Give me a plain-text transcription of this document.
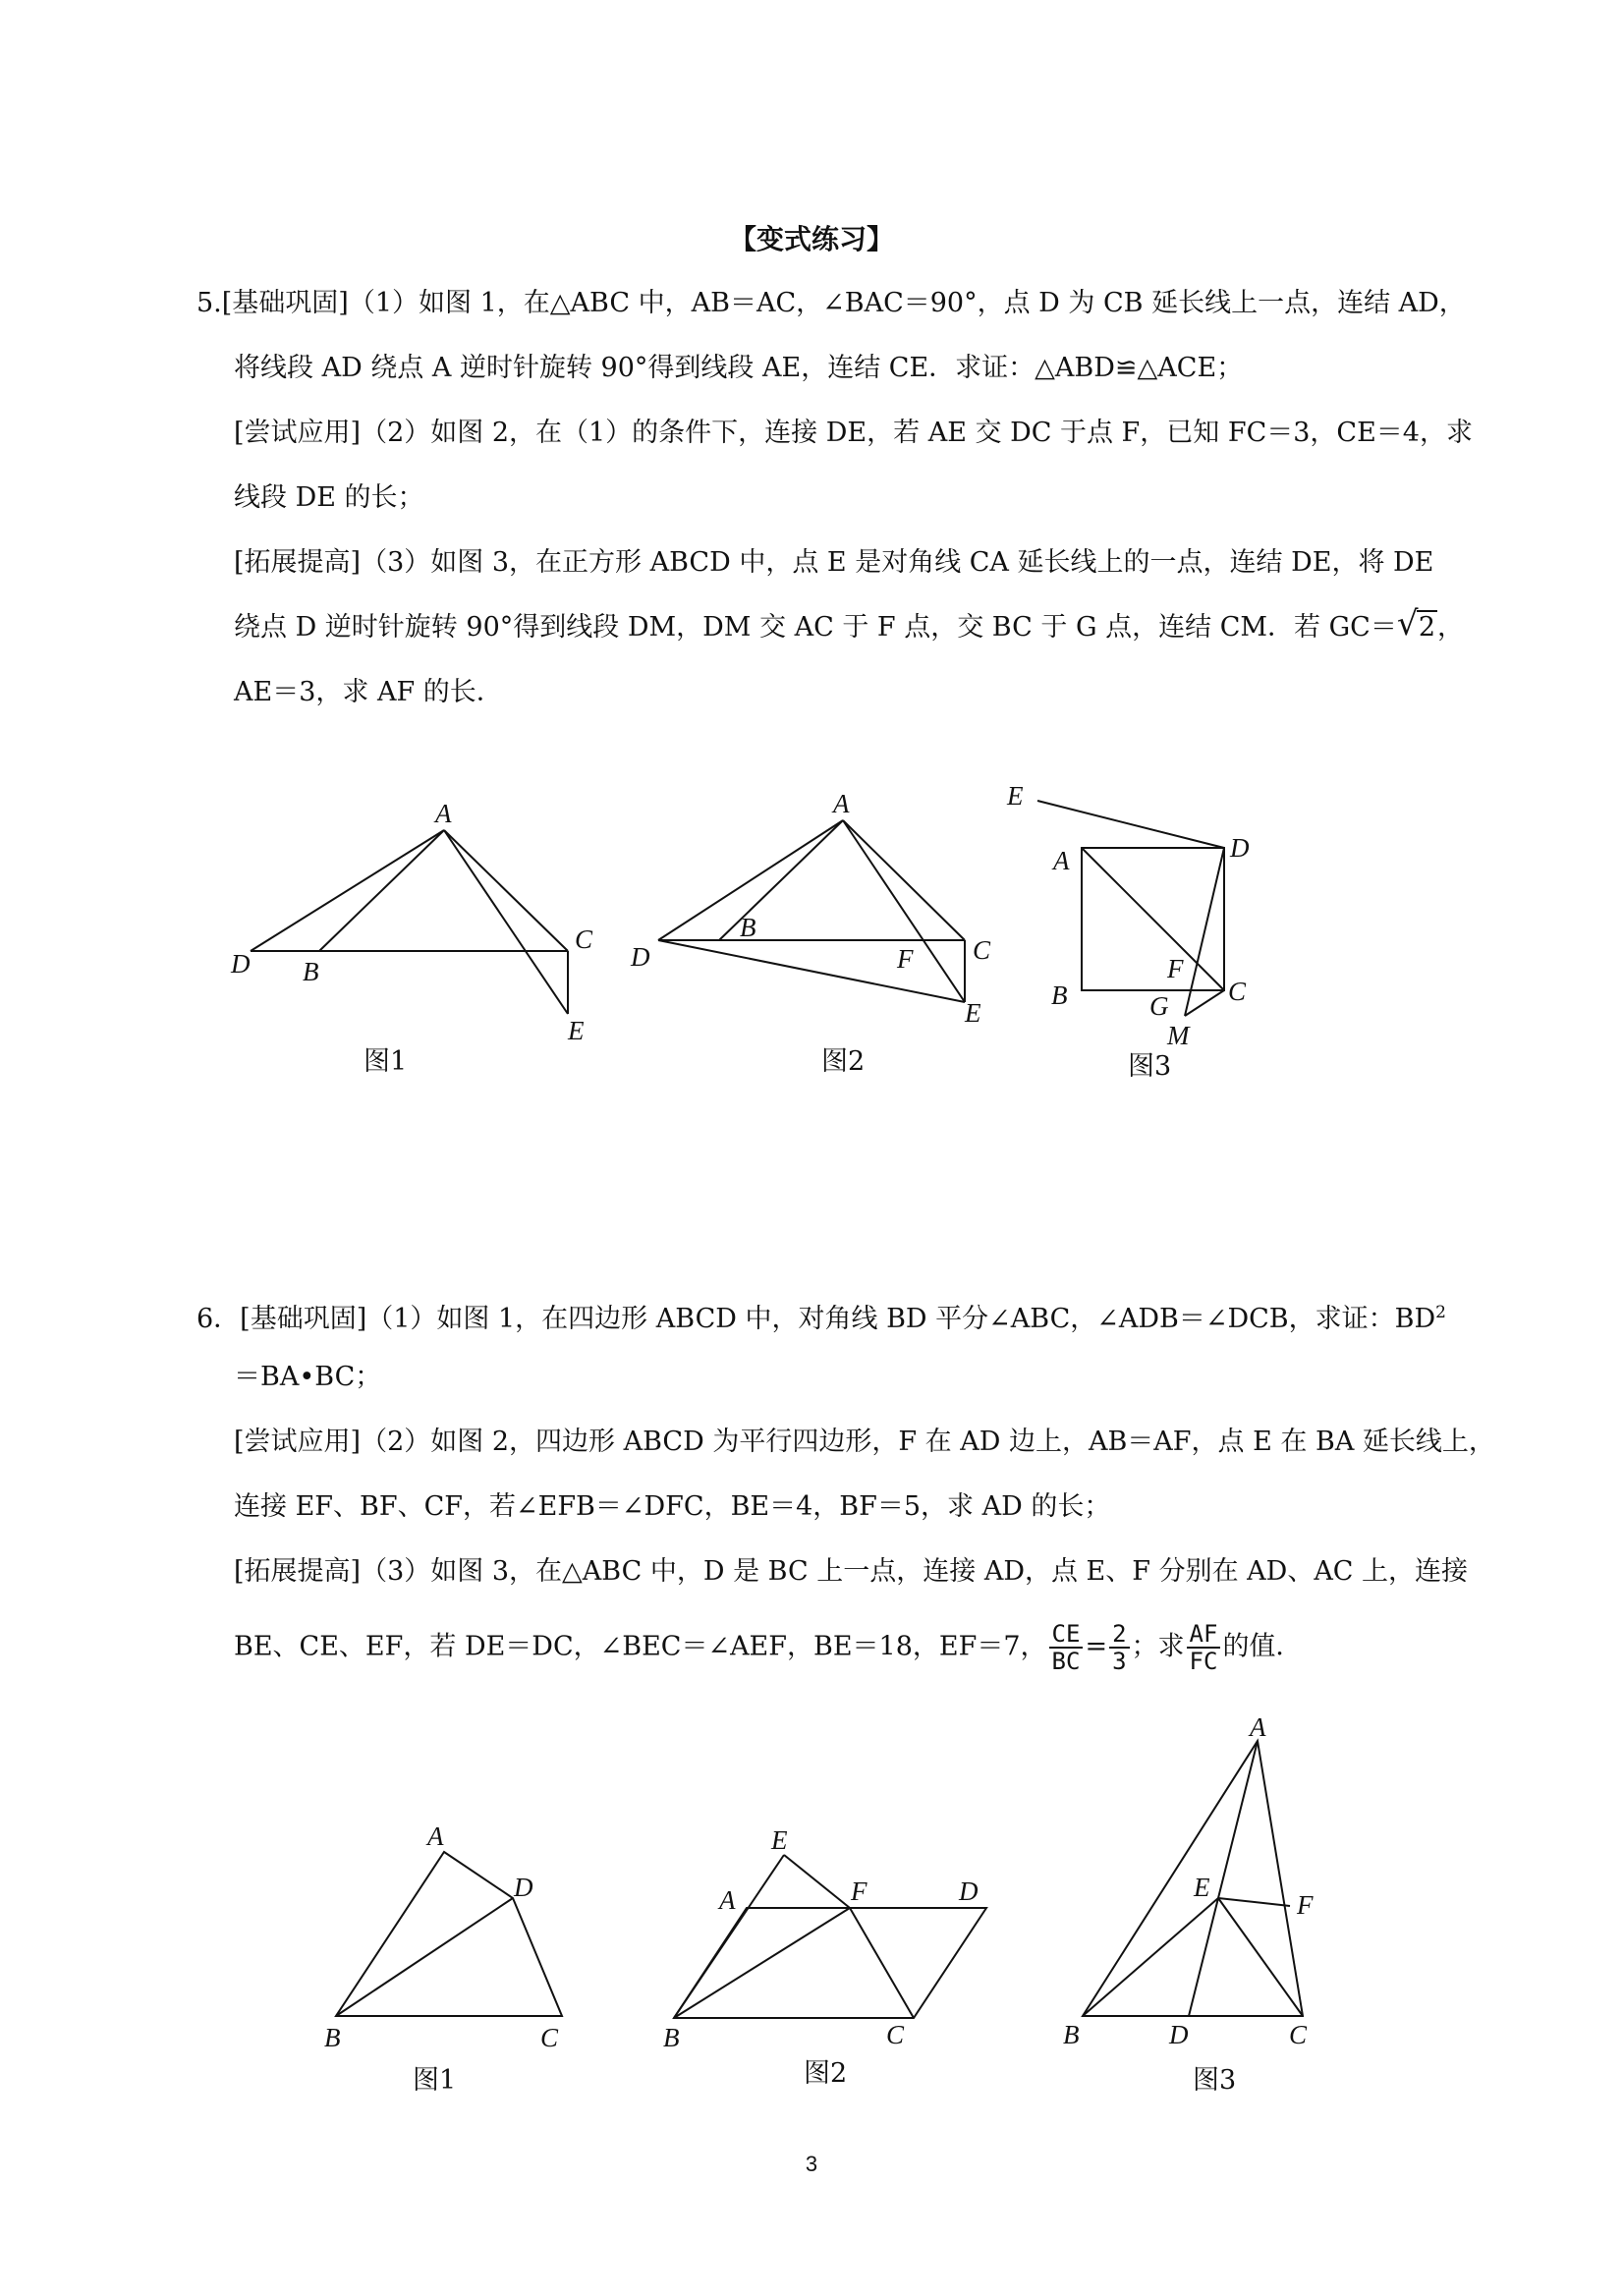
【变式练习】
5.[基础巩固]（1）如图 1，在△ABC 中，AB＝AC，∠BAC＝90°，点 D 为 CB 延长线上一点，连结 AD，
将线段 AD 绕点 A 逆时针旋转 90°得到线段 AE，连结 CE．求证：△ABD≌△ACE；
[尝试应用]（2）如图 2，在（1）的条件下，连接 DE，若 AE 交 DC 于点 F，已知 FC＝3，CE＝4，求
线段 DE 的长；
[拓展提高]（3）如图 3，在正方形 ABCD 中，点 E 是对角线 CA 延长线上的一点，连结 DE，将 DE
绕点 D 逆时针旋转 90°得到线段 DM，DM 交 AC 于 F 点，交 BC 于 G 点，连结 CM．若 GC＝ √ 2，
AE＝3，求 AF 的长．
A
D B
C
E
图1
A
B
D	F C
E
图2
E
A	D
B
F
C
G
M
图3
6．[基础巩固]（1）如图 1，在四边形 ABCD 中，对角线 BD 平分∠ABC，∠ADB＝∠DCB，求证：$BD^2$
＝BA•BC；
[尝试应用]（2）如图 2，四边形 ABCD 为平行四边形，F 在 AD 边上，AB＝AF，点 E 在 BA 延长线上，
连接 EF、BF、CF，若∠EFB＝∠DFC，BE＝4，BF＝5，求 AD 的长；
[拓展提高]（3）如图 3，在△ABC 中，D 是 BC 上一点，连接 AD，点 E、F 分别在 AD、AC 上，连接
BE、CE、EF，若 DE＝DC，∠BEC＝∠AEF，BE＝18，EF＝7， $\frac{CE}{BC} = \frac{2}{3}$ ；求 $\frac{AF}{FC}$ 的值．
A
D
B	C
图1
E
A	F	D
B	C
图2
A
E
F
B	D	C
图3
3
